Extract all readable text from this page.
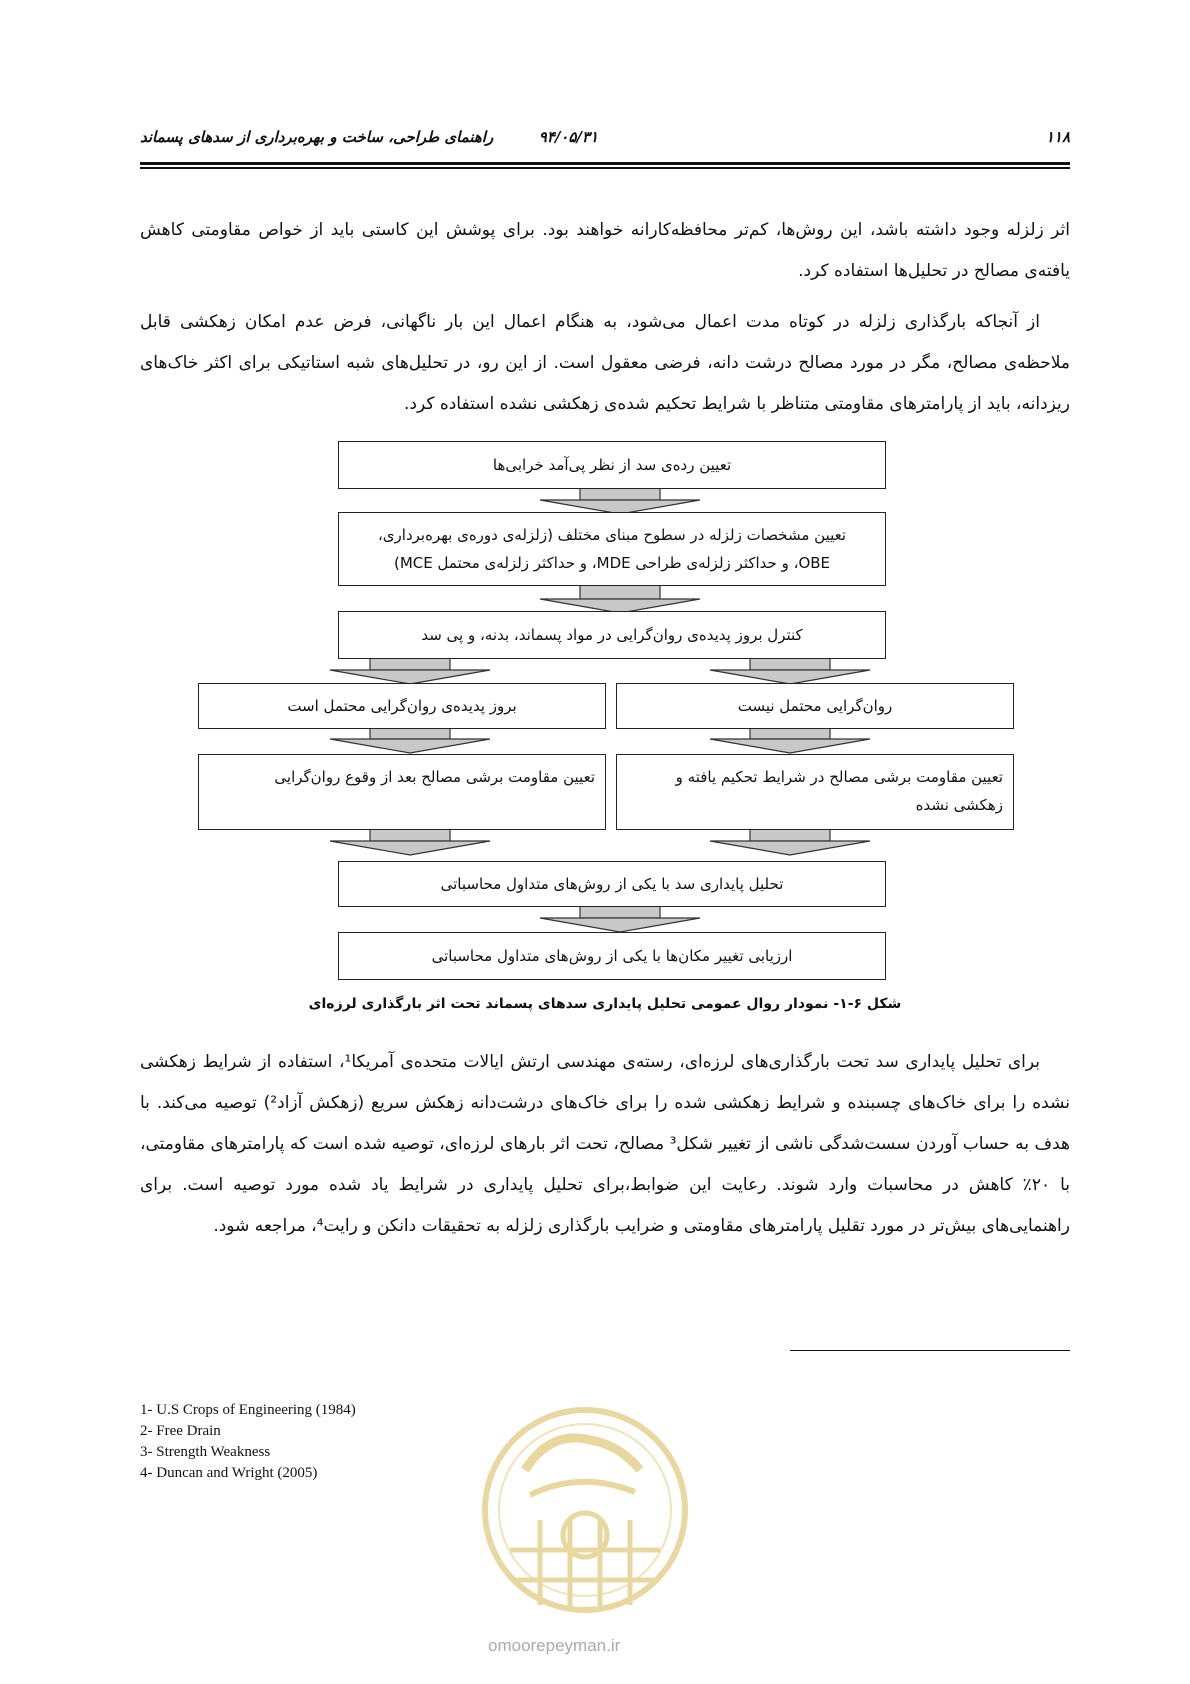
۱۱۸
۹۴/۰۵/۳۱
راهنمای طراحی، ساخت و بهره‌برداری از سدهای پسماند

اثر زلزله وجود داشته باشد، این روش‌ها، کم‌تر محافظه‌کارانه خواهند بود. برای پوشش این کاستی باید از خواص مقاومتی کاهش یافته‌ی مصالح در تحلیل‌ها استفاده کرد.

از آنجاکه بارگذاری زلزله در کوتاه مدت اعمال می‌شود، به هنگام اعمال این بار ناگهانی، فرض عدم امکان زهکشی قابل ملاحظه‌ی مصالح، مگر در مورد مصالح درشت دانه، فرضی معقول است. از این رو، در تحلیل‌های شبه استاتیکی برای اکثر خاک‌های ریزدانه، باید از پارامترهای مقاومتی متناظر با شرایط تحکیم شده‌ی زهکشی نشده استفاده کرد.

تعیین رده‌ی سد از نظر پی‌آمد خرابی‌ها
تعیین مشخصات زلزله در سطوح مبنای مختلف (زلزله‌ی دوره‌ی بهره‌برداری،
OBE، و حداکثر زلزله‌ی طراحی MDE، و حداکثر زلزله‌ی محتمل MCE)
کنترل بروز پدیده‌ی روان‌گرایی در مواد پسماند، بدنه، و پی سد
روان‌گرایی محتمل نیست
بروز پدیده‌ی روان‌گرایی محتمل است
تعیین مقاومت برشی مصالح در شرایط تحکیم یافته و زهکشی نشده
تعیین مقاومت برشی مصالح بعد از وقوع روان‌گرایی
تحلیل پایداری سد با یکی از روش‌های متداول محاسباتی
ارزیابی تغییر مکان‌ها با یکی از روش‌های متداول محاسباتی
شکل ۶-۱- نمودار روال عمومی تحلیل پایداری سدهای پسماند تحت اثر بارگذاری لرزه‌ای

برای تحلیل پایداری سد تحت بارگذاری‌های لرزه‌ای، رسته‌ی مهندسی ارتش ایالات متحده‌ی آمریکا¹، استفاده از شرایط زهکشی نشده را برای خاک‌های چسبنده و شرایط زهکشی شده را برای خاک‌های درشت‌دانه زهکش سریع (زهکش آزاد²) توصیه می‌کند. با هدف به حساب آوردن سست‌شدگی ناشی از تغییر شکل³ مصالح، تحت اثر بارهای لرزه‌ای، توصیه شده است که پارامترهای مقاومتی، با ۲۰٪ کاهش در محاسبات وارد شوند. رعایت این ضوابط،برای تحلیل پایداری در شرایط یاد شده مورد توصیه است. برای راهنمایی‌های بیش‌تر در مورد تقلیل پارامترهای مقاومتی و ضرایب بارگذاری زلزله به تحقیقات دانکن و رایت⁴، مراجعه شود.

1- U.S Crops of Engineering (1984)
2- Free Drain
3- Strength Weakness
4- Duncan and Wright (2005)
omoorepeyman.ir
